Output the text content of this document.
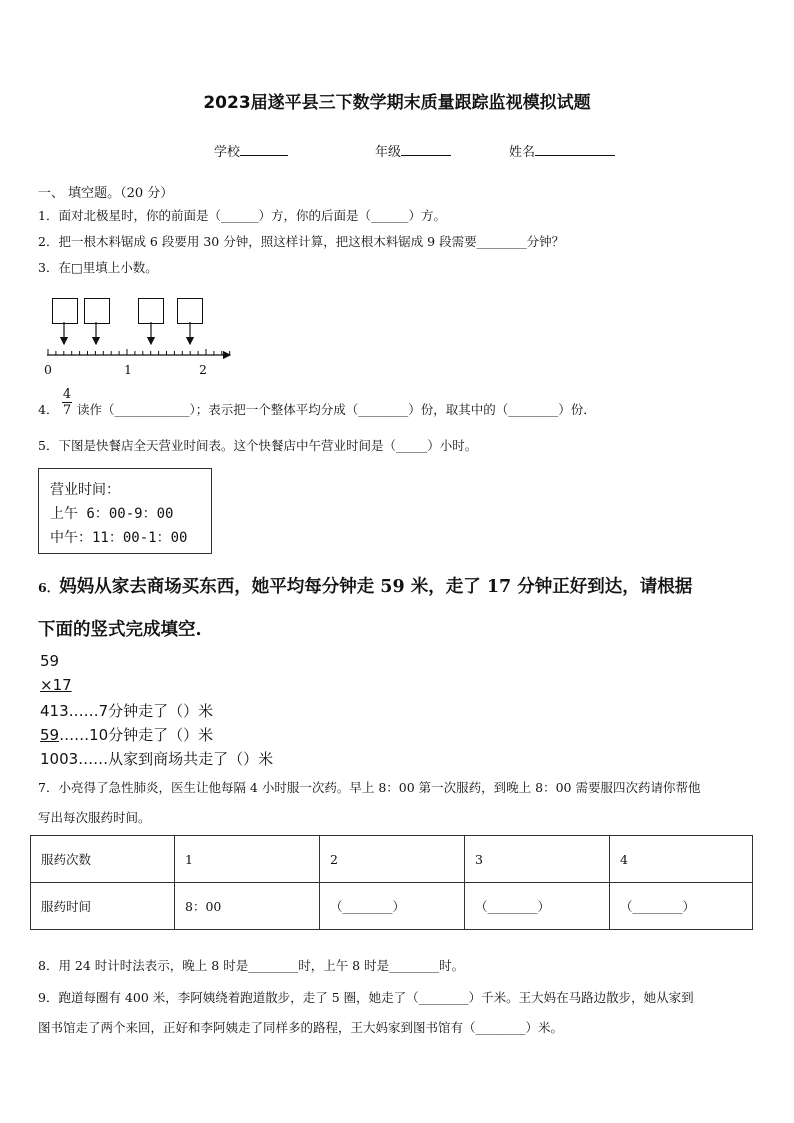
2023届遂平县三下数学期末质量跟踪监视模拟试题
学校	年级	姓名
一、 填空题。（20 分）
1．面对北极星时，你的前面是（______）方，你的后面是（______）方。
2．把一根木料锯成 6 段要用 30 分钟，照这样计算，把这根木料锯成 9 段需要________分钟？
3．在□里填上小数。
0	1	2
4． $\frac{4}{7}$ 读作（____________）；表示把一个整体平均分成（________）份，取其中的（________）份．
5．下图是快餐店全天营业时间表。这个快餐店中午营业时间是（_____）小时。
营业时间：
上午 6：00-9：00
中午：11：00-1：00
6．妈妈从家去商场买东西，她平均每分钟走 59 米，走了 17 分钟正好到达，请根据
下面的竖式完成填空.
59
×17
413……7分钟走了（）米
59……10分钟走了（）米
1003……从家到商场共走了（）米
7．小亮得了急性肺炎，医生让他每隔 4 小时服一次药。早上 8：00 第一次服药，到晚上 8：00 需要服四次药请你帮他
写出每次服药时间。
服药次数	1	2	3	4
服药时间	8：00	（________）	（________）	（________）
8．用 24 时计时法表示，晚上 8 时是________时，上午 8 时是________时。
9．跑道每圈有 400 米，李阿姨绕着跑道散步，走了 5 圈，她走了（________）千米。王大妈在马路边散步，她从家到
图书馆走了两个来回，正好和李阿姨走了同样多的路程，王大妈家到图书馆有（________）米。
